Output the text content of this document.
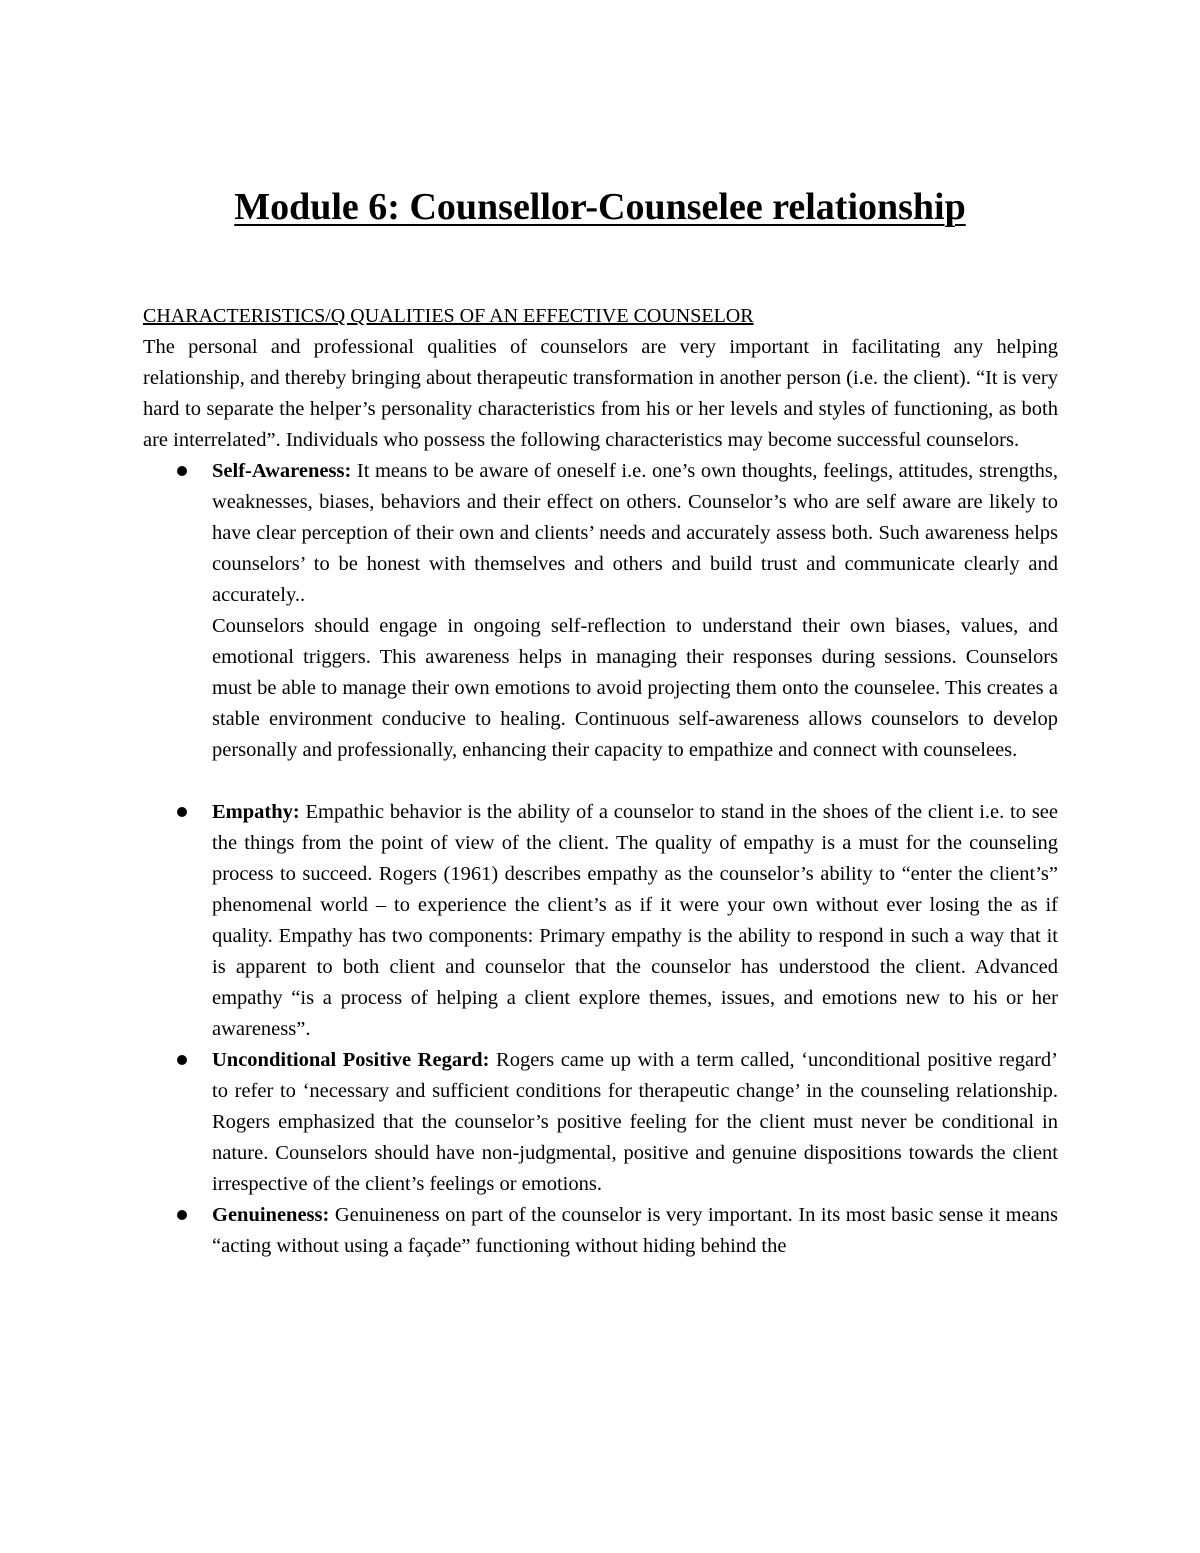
Module 6: Counsellor-Counselee relationship
CHARACTERISTICS/Q QUALITIES OF AN EFFECTIVE COUNSELOR

The personal and professional qualities of counselors are very important in facilitating any helping relationship, and thereby bringing about therapeutic transformation in another person (i.e. the client). “It is very hard to separate the helper’s personality characteristics from his or her levels and styles of functioning, as both are interrelated”. Individuals who possess the following characteristics may become successful counselors.

Self-Awareness: It means to be aware of oneself i.e. one’s own thoughts, feelings, attitudes, strengths, weaknesses, biases, behaviors and their effect on others. Counselor’s who are self aware are likely to have clear perception of their own and clients’ needs and accurately assess both. Such awareness helps counselors’ to be honest with themselves and others and build trust and communicate clearly and accurately..

Counselors should engage in ongoing self-reflection to understand their own biases, values, and emotional triggers. This awareness helps in managing their responses during sessions. Counselors must be able to manage their own emotions to avoid projecting them onto the counselee. This creates a stable environment conducive to healing. Continuous self-awareness allows counselors to develop personally and professionally, enhancing their capacity to empathize and connect with counselees.

Empathy: Empathic behavior is the ability of a counselor to stand in the shoes of the client i.e. to see the things from the point of view of the client. The quality of empathy is a must for the counseling process to succeed. Rogers (1961) describes empathy as the counselor’s ability to “enter the client’s” phenomenal world – to experience the client’s as if it were your own without ever losing the as if quality. Empathy has two components: Primary empathy is the ability to respond in such a way that it is apparent to both client and counselor that the counselor has understood the client. Advanced empathy “is a process of helping a client explore themes, issues, and emotions new to his or her awareness”.

Unconditional Positive Regard: Rogers came up with a term called, ‘unconditional positive regard’ to refer to ‘necessary and sufficient conditions for therapeutic change’ in the counseling relationship. Rogers emphasized that the counselor’s positive feeling for the client must never be conditional in nature. Counselors should have non-judgmental, positive and genuine dispositions towards the client irrespective of the client’s feelings or emotions.

Genuineness: Genuineness on part of the counselor is very important. In its most basic sense it means “acting without using a façade” functioning without hiding behind the
